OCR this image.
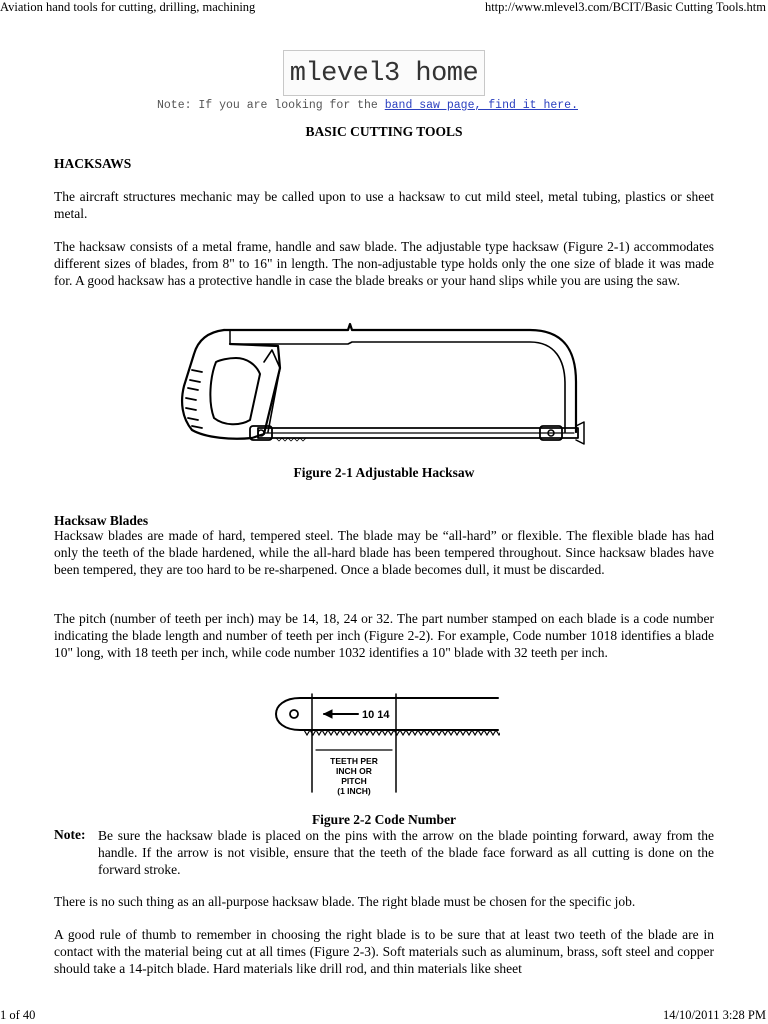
Aviation hand tools for cutting, drilling, machining	http://www.mlevel3.com/BCIT/Basic Cutting Tools.htm
mlevel3 home
Note: If you are looking for the band saw page, find it here.
BASIC CUTTING TOOLS
HACKSAWS

The aircraft structures mechanic may be called upon to use a hacksaw to cut mild steel, metal tubing, plastics or sheet metal.

The hacksaw consists of a metal frame, handle and saw blade. The adjustable type hacksaw (Figure 2-1) accommodates different sizes of blades, from 8" to 16" in length. The non-adjustable type holds only the one size of blade it was made for. A good hacksaw has a protective handle in case the blade breaks or your hand slips while you are using the saw.

Figure 2-1 Adjustable Hacksaw
Hacksaw Blades

Hacksaw blades are made of hard, tempered steel. The blade may be “all-hard” or flexible. The flexible blade has had only the teeth of the blade hardened, while the all-hard blade has been tempered throughout. Since hacksaw blades have been tempered, they are too hard to be re-sharpened. Once a blade becomes dull, it must be discarded.

The pitch (number of teeth per inch) may be 14, 18, 24 or 32. The part number stamped on each blade is a code number indicating the blade length and number of teeth per inch (Figure 2-2). For example, Code number 1018 identifies a blade 10" long, with 18 teeth per inch, while code number 1032 identifies a 10" blade with 32 teeth per inch.

10 14
TEETH PER
INCH OR
PITCH
(1 INCH)
Figure 2-2 Code Number
Note: Be sure the hacksaw blade is placed on the pins with the arrow on the blade pointing forward, away from the handle. If the arrow is not visible, ensure that the teeth of the blade face forward as all cutting is done on the forward stroke.

There is no such thing as an all-purpose hacksaw blade. The right blade must be chosen for the specific job.

A good rule of thumb to remember in choosing the right blade is to be sure that at least two teeth of the blade are in contact with the material being cut at all times (Figure 2-3). Soft materials such as aluminum, brass, soft steel and copper should take a 14-pitch blade. Hard materials like drill rod, and thin materials like sheet

1 of 40	14/10/2011 3:28 PM
